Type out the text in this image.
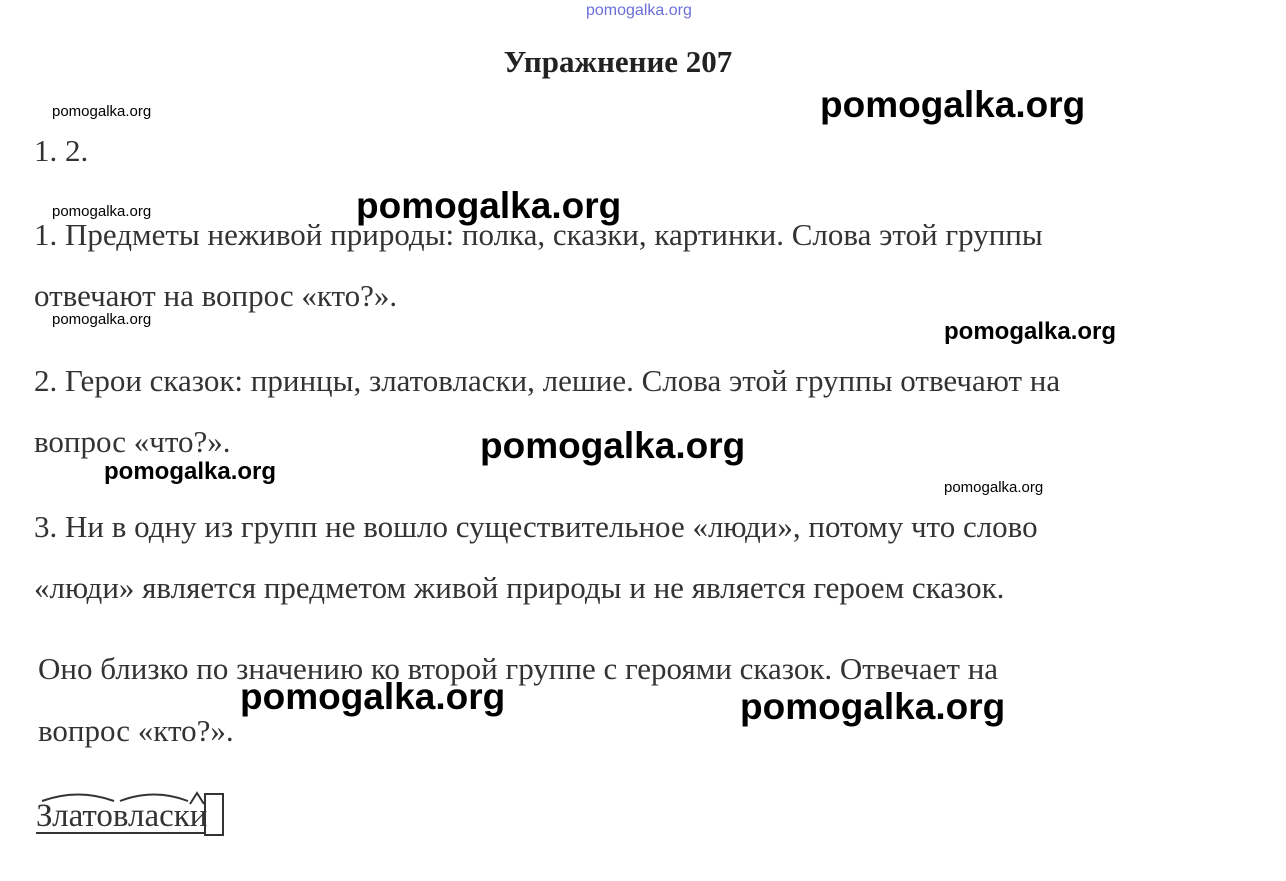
pomogalka.org
Упражнение 207
1. 2.
1. Предметы неживой природы: полка, сказки, картинки. Слова этой группы
отвечают на вопрос «кто?».
2. Герои сказок: принцы, златовласки, лешие. Слова этой группы отвечают на
вопрос «что?».
3. Ни в одну из групп не вошло существительное «люди», потому что слово
«люди» является предметом живой природы и не является героем сказок.
Оно близко по значению ко второй группе с героями сказок. Отвечает на
вопрос «кто?».
pomogalka.org	pomogalka.org
pomogalka.org	pomogalka.org
pomogalka.org	pomogalka.org
pomogalka.org
pomogalka.org
pomogalka.org
pomogalka.org	pomogalka.org
Златовласки
